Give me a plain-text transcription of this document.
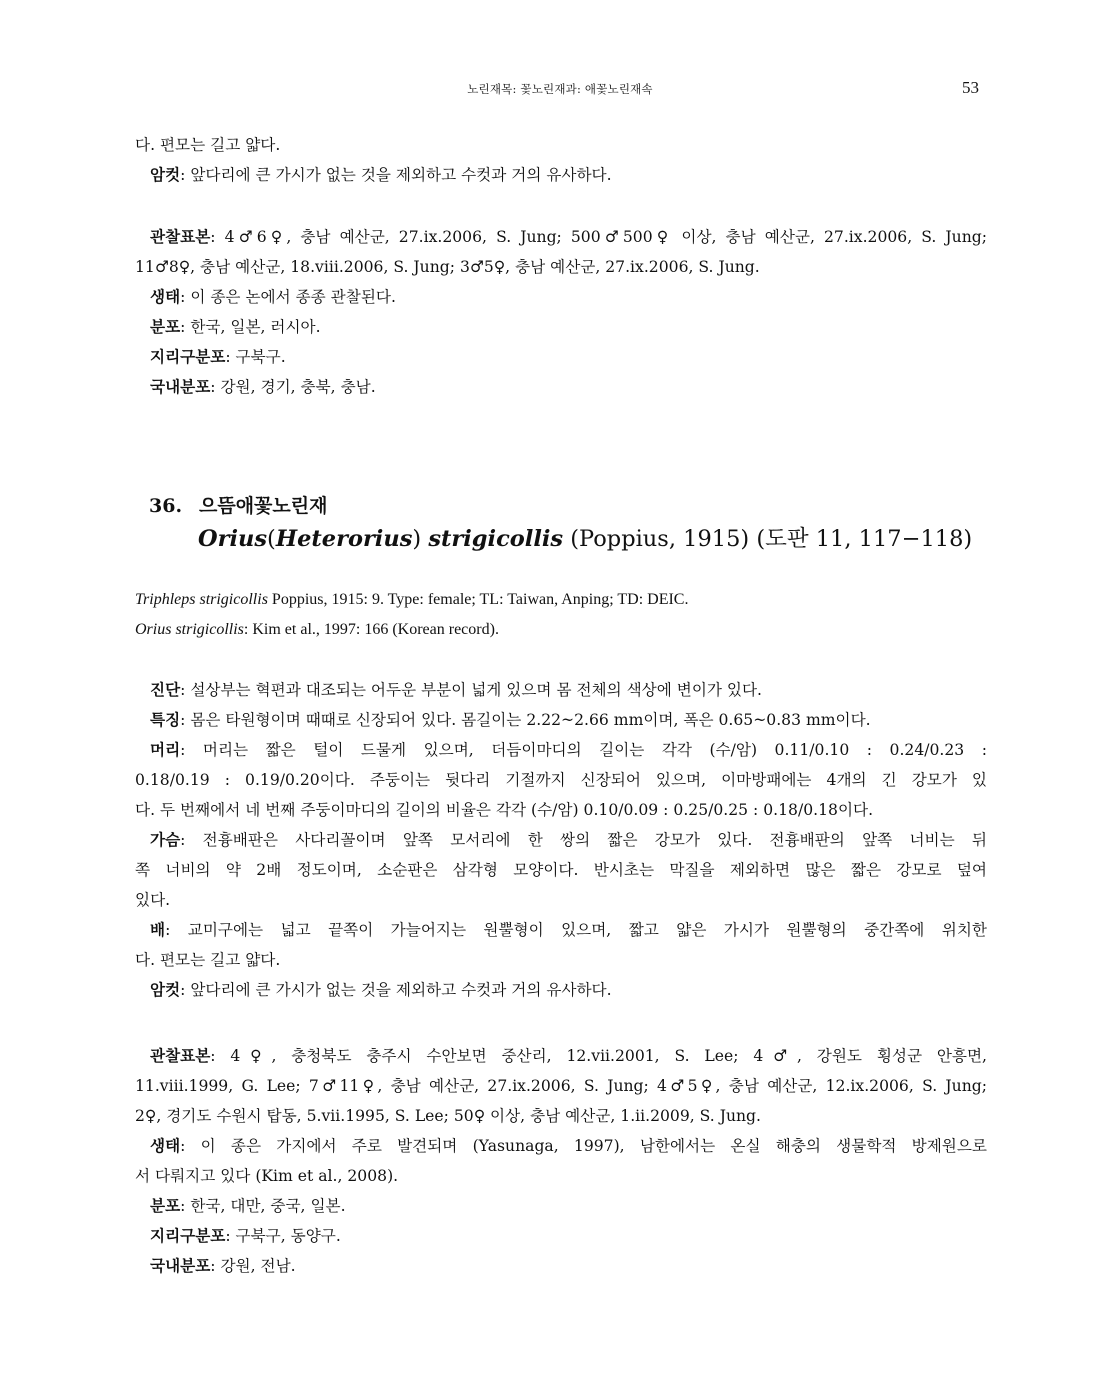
노린재목: 꽃노린재과: 애꽃노린재속	53
다. 편모는 길고 얇다.
암컷: 앞다리에 큰 가시가 없는 것을 제외하고 수컷과 거의 유사하다.
관찰표본: 4♂6♀, 충남 예산군, 27.ix.2006, S. Jung; 500♂500♀ 이상, 충남 예산군, 27.ix.2006, S. Jung;
11♂8♀, 충남 예산군, 18.viii.2006, S. Jung; 3♂5♀, 충남 예산군, 27.ix.2006, S. Jung.
생태: 이 종은 논에서 종종 관찰된다.
분포: 한국, 일본, 러시아.
지리구분포: 구북구.
국내분포: 강원, 경기, 충북, 충남.
36. 으뜸애꽃노린재
Orius(Heterorius) strigicollis (Poppius, 1915) (도판 11, 117−118)
Triphleps strigicollis Poppius, 1915: 9. Type: female; TL: Taiwan, Anping; TD: DEIC.
Orius strigicollis: Kim et al., 1997: 166 (Korean record).
진단: 설상부는 혁편과 대조되는 어두운 부분이 넓게 있으며 몸 전체의 색상에 변이가 있다.
특징: 몸은 타원형이며 때때로 신장되어 있다. 몸길이는 2.22~2.66 mm이며, 폭은 0.65~0.83 mm이다.
머리: 머리는 짧은 털이 드물게 있으며, 더듬이마디의 길이는 각각 (수/암) 0.11/0.10 : 0.24/0.23 :
0.18/0.19 : 0.19/0.20이다. 주둥이는 뒷다리 기절까지 신장되어 있으며, 이마방패에는 4개의 긴 강모가 있
다. 두 번째에서 네 번째 주둥이마디의 길이의 비율은 각각 (수/암) 0.10/0.09 : 0.25/0.25 : 0.18/0.18이다.
가슴: 전흉배판은 사다리꼴이며 앞쪽 모서리에 한 쌍의 짧은 강모가 있다. 전흉배판의 앞쪽 너비는 뒤
쪽 너비의 약 2배 정도이며, 소순판은 삼각형 모양이다. 반시초는 막질을 제외하면 많은 짧은 강모로 덮여
있다.
배: 교미구에는 넓고 끝쪽이 가늘어지는 원뿔형이 있으며, 짧고 얇은 가시가 원뿔형의 중간쪽에 위치한
다. 편모는 길고 얇다.
암컷: 앞다리에 큰 가시가 없는 것을 제외하고 수컷과 거의 유사하다.
관찰표본: 4♀, 충청북도 충주시 수안보면 중산리, 12.vii.2001, S. Lee; 4♂, 강원도 횡성군 안흥면,
11.viii.1999, G. Lee; 7♂11♀, 충남 예산군, 27.ix.2006, S. Jung; 4♂5♀, 충남 예산군, 12.ix.2006, S. Jung;
2♀, 경기도 수원시 탑동, 5.vii.1995, S. Lee; 50♀ 이상, 충남 예산군, 1.ii.2009, S. Jung.
생태: 이 종은 가지에서 주로 발견되며 (Yasunaga, 1997), 남한에서는 온실 해충의 생물학적 방제원으로
서 다뤄지고 있다 (Kim et al., 2008).
분포: 한국, 대만, 중국, 일본.
지리구분포: 구북구, 동양구.
국내분포: 강원, 전남.
